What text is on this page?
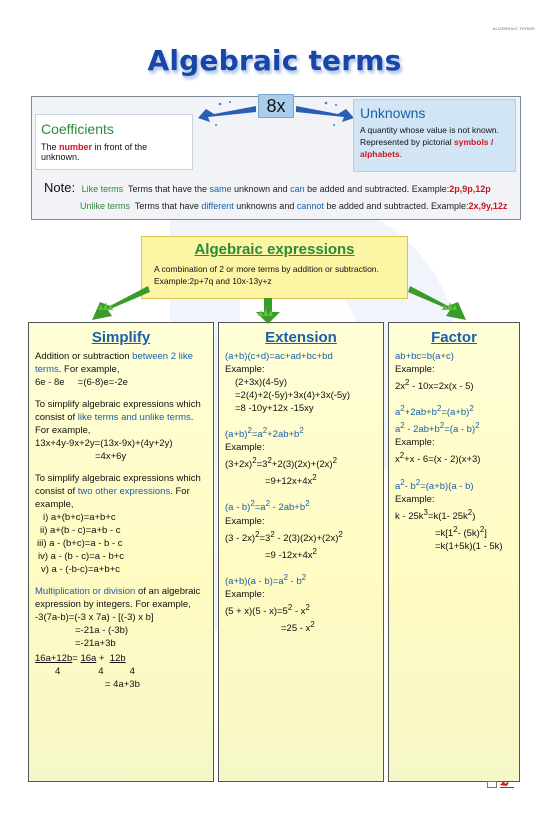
ALGEBRAIC TERMS
Algebraic terms
8x
Coefficients
The number in front of the unknown.
Unknowns
A quantity whose value is not known.
Represented by pictorial symbols /
alphabets.
Note: Like terms Terms that have the same unknown and can be added and subtracted. Example:2p,9p,12p
Unlike terms Terms that have different unknowns and cannot be added and subtracted. Example:2x,9y,12z
Algebraic expressions
A combination of 2 or more terms by addition or subtraction.
Example:2p+7q and 10x-13y+z
Simplify
Addition or subtraction between 2 like
terms. For example,
6e - 8e =(6-8)e=-2e
To simplify algebraic expressions which
consist of like terms and unlike terms.
For example,
13x+4y-9x+2y=(13x-9x)+(4y+2y)
=4x+6y
To simplify algebraic expressions which
consist of two other expressions. For
example,
i) a+(b+c)=a+b+c
ii) a+(b - c)=a+b - c
iii) a - (b+c)=a - b - c
iv) a - (b - c)=a - b+c
v) a - (-b-c)=a+b+c
Multiplication or division of an algebraic
expression by integers. For example,
-3(7a-b)=(-3 x 7a) - [(-3) x b]
=-21a - (-3b)
=-21a+3b
16a+12b= 16a + 12b
4	4	4
= 4a+3b
Extension
(a+b)(c+d)=ac+ad+bc+bd
Example:
(2+3x)(4-5y)
=2(4)+2(-5y)+3x(4)+3x(-5y)
=8 -10y+12x -15xy
$(a+b)^2=a^2+2ab+b^2$
Example:
$(3+2x)^2=3^2+2(3)(2x)+(2x)^2$
$=9+12x+4x^2$
$(a - b)^2=a^2 - 2ab+b^2$
Example:
$(3 - 2x)^2=3^2 - 2(3)(2x)+(2x)^2$
=9 $-12x+4x^2$
$(a+b)(a - b)=a^2 - b^2$
Example:
$(5 + x)(5 - x)=5^2 - x^2$
$=25 - x^2$
Factor
ab+bc=b(a+c)
Example:
$2x^2 - 10x=2x(x - 5)$
$a^2+2ab+b^2=(a+b)^2$
$a^2 - 2ab+b^2=(a - b)^2$
Example:
$x^2+x - 6=(x - 2)(x+3)$
$a^2-$ $b^2=(a+b)(a - b)$
Example:
$k - 25k^3=k(1-$ $25k^2$)
$=k[1^2-$ $(5k)^2$]
=k(1+5k)(1 - 5k)
